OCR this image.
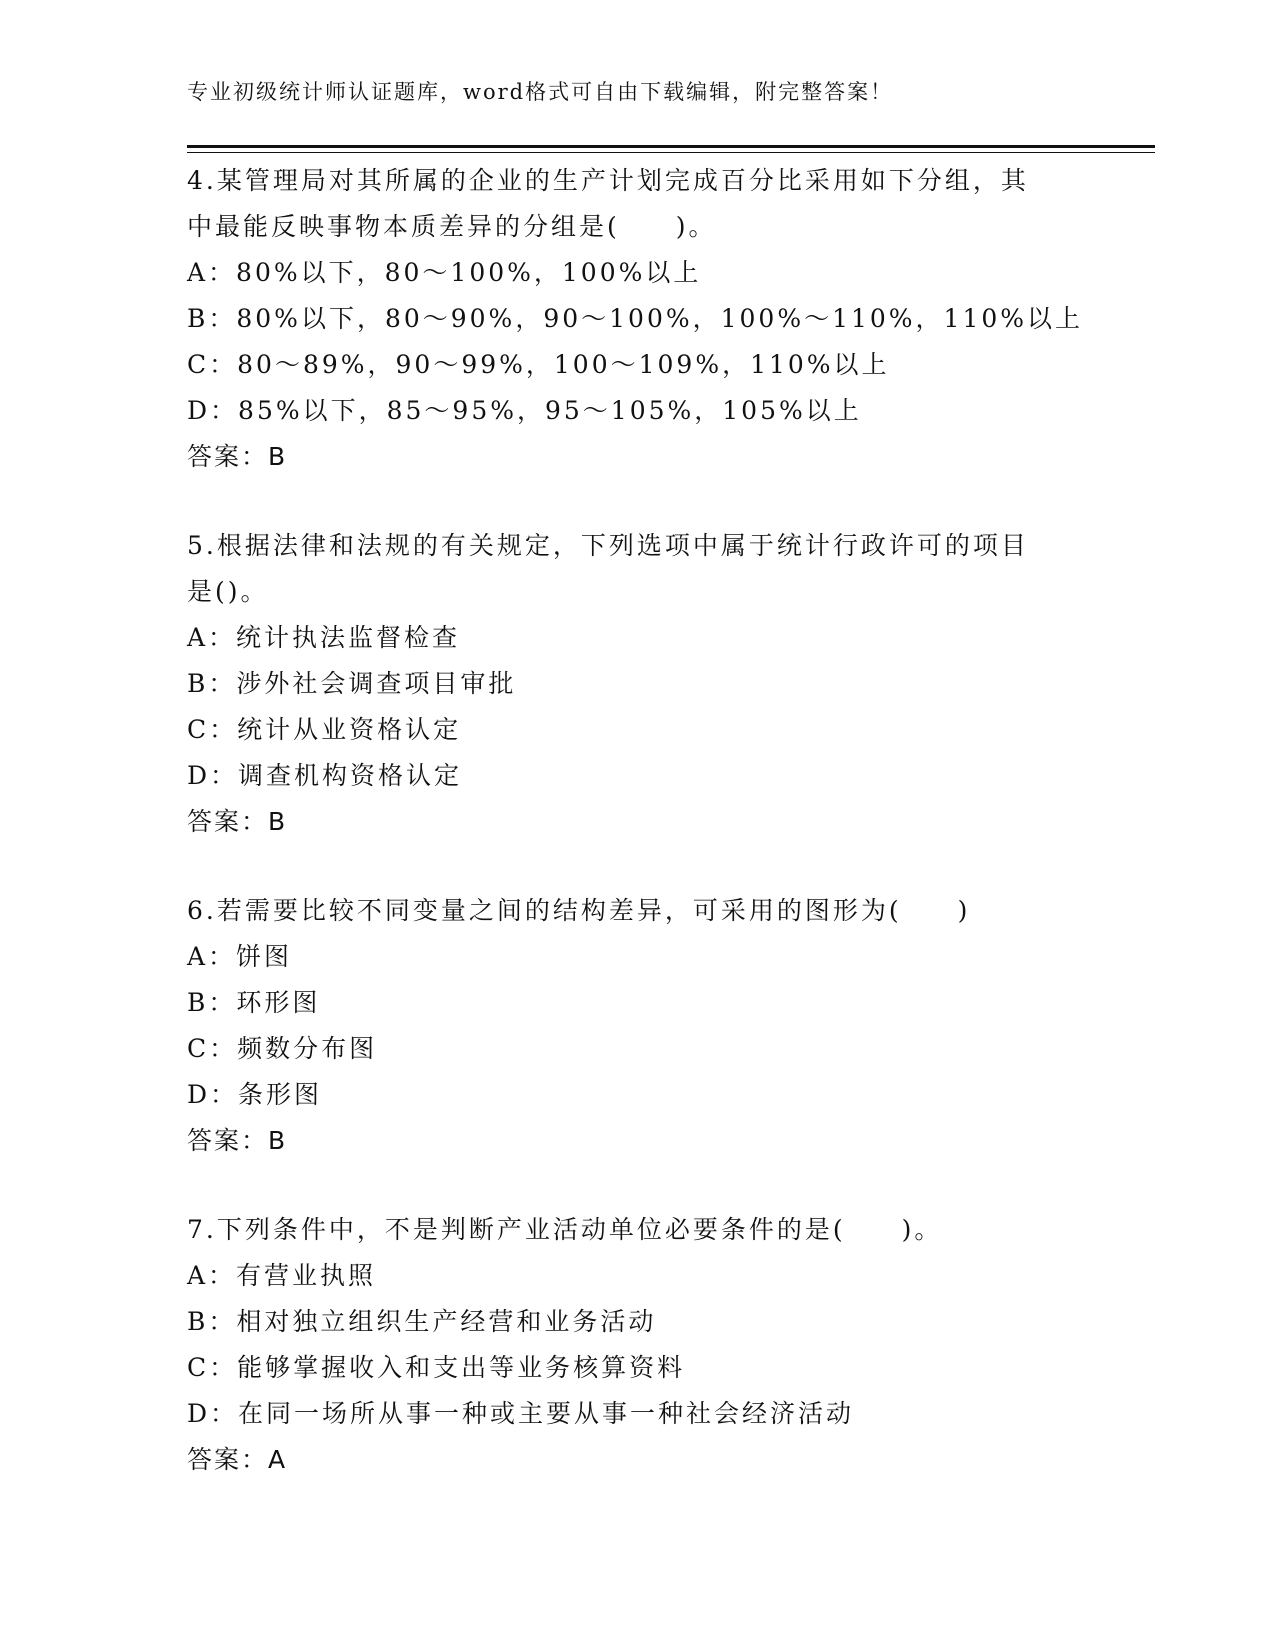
专业初级统计师认证题库，word格式可自由下载编辑，附完整答案！
4.某管理局对其所属的企业的生产计划完成百分比采用如下分组，其
中最能反映事物本质差异的分组是(　　)。
A：80%以下，80～100%，100%以上
B：80%以下，80～90%，90～100%，100%～110%，110%以上
C：80～89%，90～99%，100～109%，110%以上
D：85%以下，85～95%，95～105%，105%以上
答案：B
5.根据法律和法规的有关规定，下列选项中属于统计行政许可的项目
是()。
A：统计执法监督检查
B：涉外社会调查项目审批
C：统计从业资格认定
D：调查机构资格认定
答案：B
6.若需要比较不同变量之间的结构差异，可采用的图形为(　　)
A：饼图
B：环形图
C：频数分布图
D：条形图
答案：B
7.下列条件中，不是判断产业活动单位必要条件的是(　　)。
A：有营业执照
B：相对独立组织生产经营和业务活动
C：能够掌握收入和支出等业务核算资料
D：在同一场所从事一种或主要从事一种社会经济活动
答案：A
